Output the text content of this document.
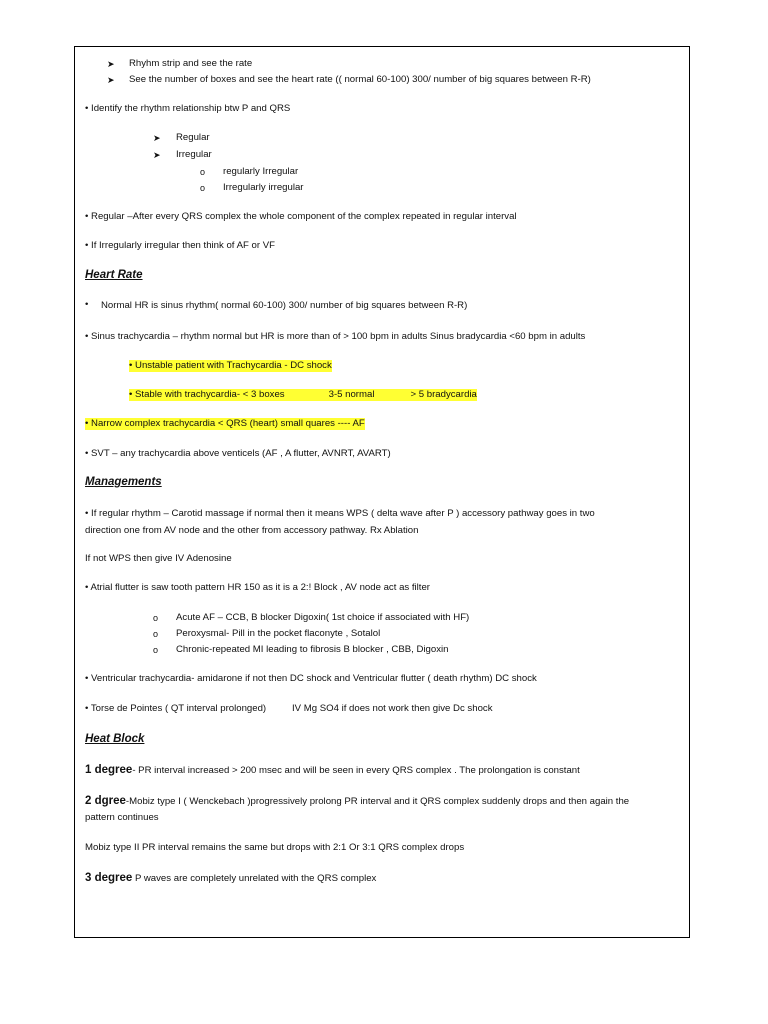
➤ Rhyhm strip and see the rate
➤ See the number of boxes and see the heart rate (( normal 60-100) 300/ number of big squares between R-R)
• Identify the rhythm relationship btw P and QRS
➤ Regular
➤ Irregular
o regularly Irregular
o Irregularly irregular
• Regular –After every QRS complex the whole component of the complex repeated in regular interval
• If Irregularly irregular then think of AF or VF
Heart Rate
• Normal HR is sinus rhythm( normal 60-100) 300/ number of big squares between R-R)
• Sinus trachycardia – rhythm normal but HR is more than of > 100 bpm in adults Sinus bradycardia <60 bpm in adults
• Unstable patient with Trachycardia - DC shock
• Stable with trachycardia- < 3 boxes	3-5 normal	> 5 bradycardia
• Narrow complex trachycardia < QRS (heart) small quares ---- AF
• SVT – any trachycardia above venticels (AF , A flutter, AVNRT, AVART)
Managements
• If regular rhythm – Carotid massage if normal then it means WPS ( delta wave after P ) accessory pathway goes in two
direction one from AV node and the other from accessory pathway. Rx Ablation
If not WPS then give IV Adenosine
• Atrial flutter is saw tooth pattern HR 150 as it is a 2:! Block , AV node act as filter
o Acute AF – CCB, B blocker Digoxin( 1st choice if associated with HF)
o Peroxysmal- Pill in the pocket flaconyte , Sotalol
o Chronic-repeated MI leading to fibrosis B blocker , CBB, Digoxin
• Ventricular trachycardia- amidarone if not then DC shock and Ventricular flutter ( death rhythm) DC shock
• Torse de Pointes ( QT interval prolonged)	IV Mg SO4 if does not work then give Dc shock
Heat Block
1 degree- PR interval increased > 200 msec and will be seen in every QRS complex . The prolongation is constant
2 dgree-Mobiz type I ( Wenckebach )progressively prolong PR interval and it QRS complex suddenly drops and then again the
pattern continues
Mobiz type II PR interval remains the same but drops with 2:1 Or 3:1 QRS complex drops
3 degree P waves are completely unrelated with the QRS complex
